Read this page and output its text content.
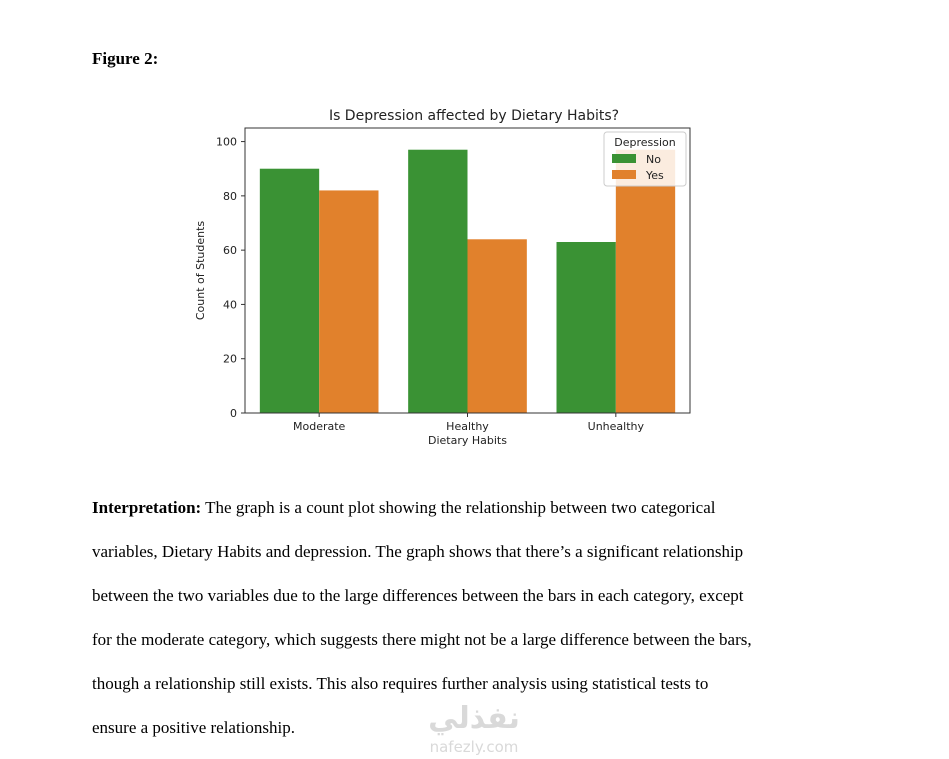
Figure 2:
Is Depression affected by Dietary Habits?
0
20
40
60
80
100
Moderate	Healthy	Unhealthy
Dietary Habits
Count of Students
Depression
No
Yes
Interpretation: The graph is a count plot showing the relationship between two categorical
variables, Dietary Habits and depression. The graph shows that there’s a significant relationship
between the two variables due to the large differences between the bars in each category, except
for the moderate category, which suggests there might not be a large difference between the bars,
though a relationship still exists. This also requires further analysis using statistical tests to
ensure a positive relationship.	نفذلي
nafezly.com
